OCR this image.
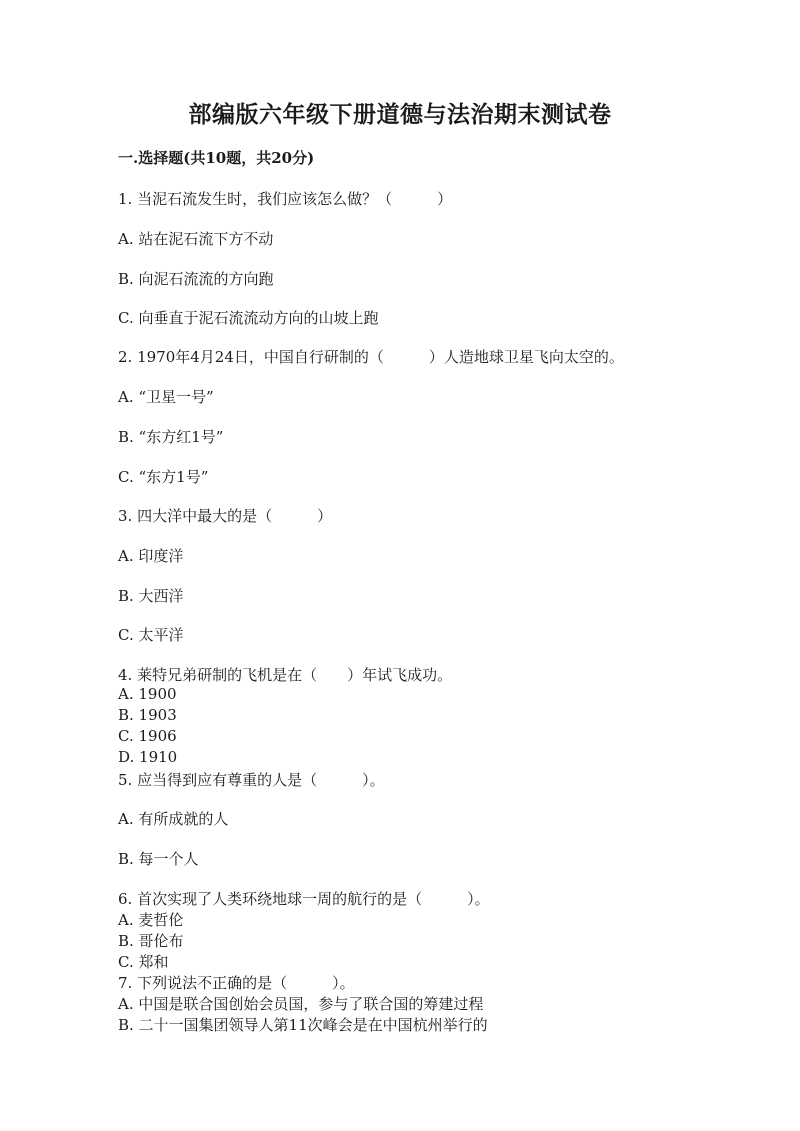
部编版六年级下册道德与法治期末测试卷
一.选择题(共10题，共20分)
1. 当泥石流发生时，我们应该怎么做？（　　　）
A. 站在泥石流下方不动
B. 向泥石流流的方向跑
C. 向垂直于泥石流流动方向的山坡上跑
2. 1970年4月24日，中国自行研制的（　　　）人造地球卫星飞向太空的。
A. “卫星一号”
B. “东方红1号”
C. “东方1号”
3. 四大洋中最大的是（　　　）
A. 印度洋
B. 大西洋
C. 太平洋
4. 莱特兄弟研制的飞机是在（　　）年试飞成功。
A. 1900
B. 1903
C. 1906
D. 1910
5. 应当得到应有尊重的人是（　　　）。
A. 有所成就的人
B. 每一个人
6. 首次实现了人类环绕地球一周的航行的是（　　　）。
A. 麦哲伦
B. 哥伦布
C. 郑和
7. 下列说法不正确的是（　　　）。
A. 中国是联合国创始会员国，参与了联合国的筹建过程
B. 二十一国集团领导人第11次峰会是在中国杭州举行的
